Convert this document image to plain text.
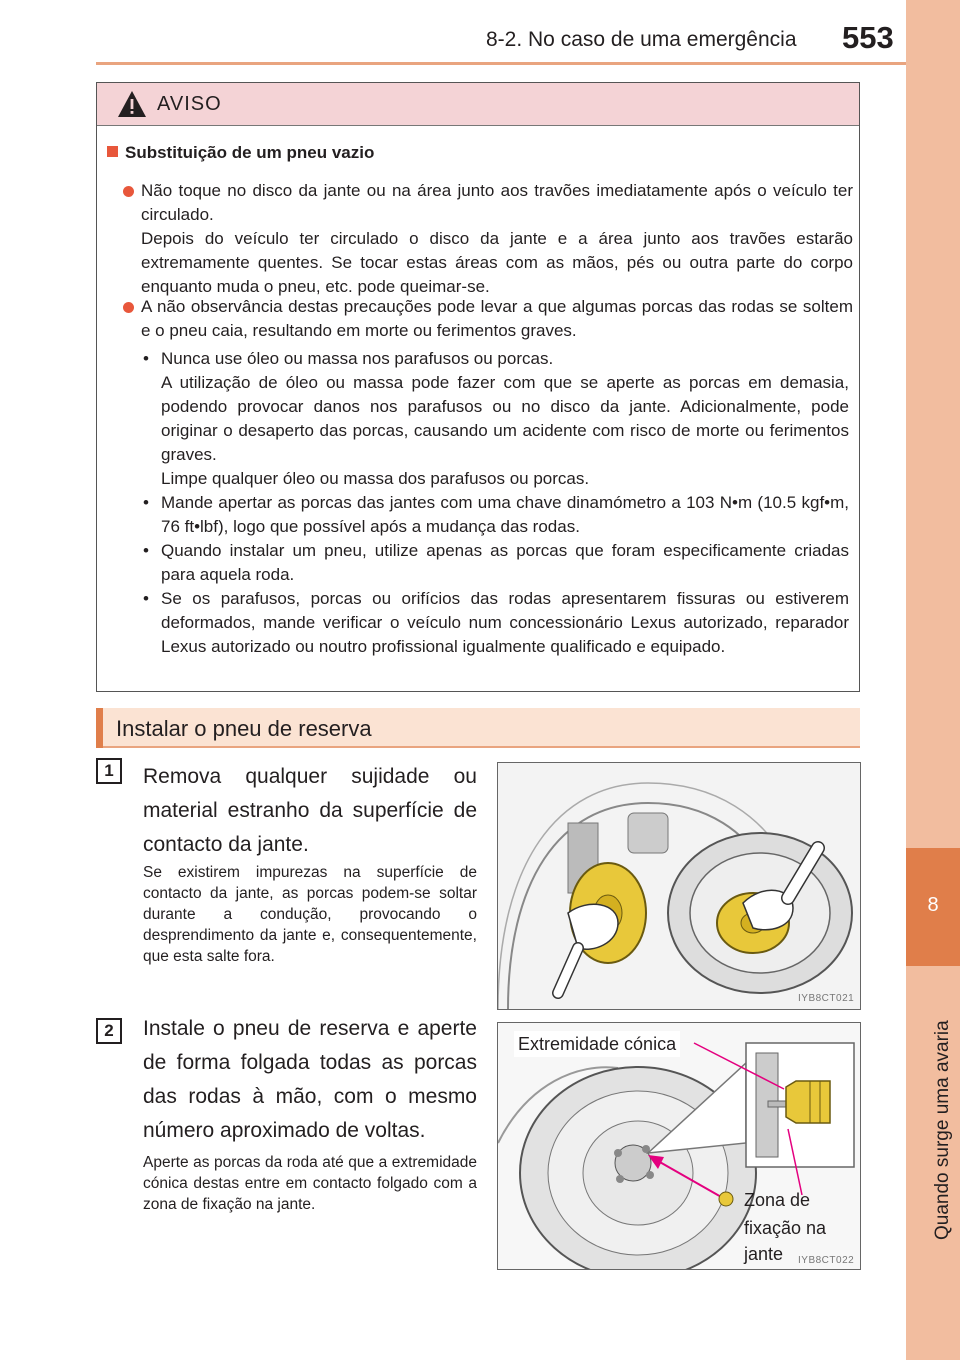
8-2. No caso de uma emergência 553
8
Quando surge uma avaria
AVISO
Substituição de um pneu vazio
Não toque no disco da jante ou na área junto aos travões imediatamente após o veículo ter circulado.
Depois do veículo ter circulado o disco da jante e a área junto aos travões estarão extremamente quentes. Se tocar estas áreas com as mãos, pés ou outra parte do corpo enquanto muda o pneu, etc. pode queimar-se.
A não observância destas precauções pode levar a que algumas porcas das rodas se soltem e o pneu caia, resultando em morte ou ferimentos graves.
• Nunca use óleo ou massa nos parafusos ou porcas.
A utilização de óleo ou massa pode fazer com que se aperte as porcas em demasia, podendo provocar danos nos parafusos ou no disco da jante. Adicionalmente, pode originar o desaperto das porcas, causando um acidente com risco de morte ou ferimentos graves.
Limpe qualquer óleo ou massa dos parafusos ou porcas.
• Mande apertar as porcas das jantes com uma chave dinamómetro a 103 N•m (10.5 kgf•m, 76 ft•lbf), logo que possível após a mudança das rodas.
• Quando instalar um pneu, utilize apenas as porcas que foram especificamente criadas para aquela roda.
• Se os parafusos, porcas ou orifícios das rodas apresentarem fissuras ou estiverem deformados, mande verificar o veículo num concessionário Lexus autorizado, reparador Lexus autorizado ou noutro profissional igualmente qualificado e equipado.
Instalar o pneu de reserva
1	Remova qualquer sujidade ou material estranho da superfície de contacto da jante.
Se existirem impurezas na superfície de contacto da jante, as porcas podem-se soltar durante a condução, provocando o desprendimento da jante e, consequentemente, que esta salte fora.
IYB8CT021
2	Instale o pneu de reserva e aperte de forma folgada todas as porcas das rodas à mão, com o mesmo número aproximado de voltas.
Aperte as porcas da roda até que a extremidade cónica destas entre em contacto folgado com a zona de fixação na jante.
Extremidade cónica
Zona de
fixação na
jante IYB8CT022
